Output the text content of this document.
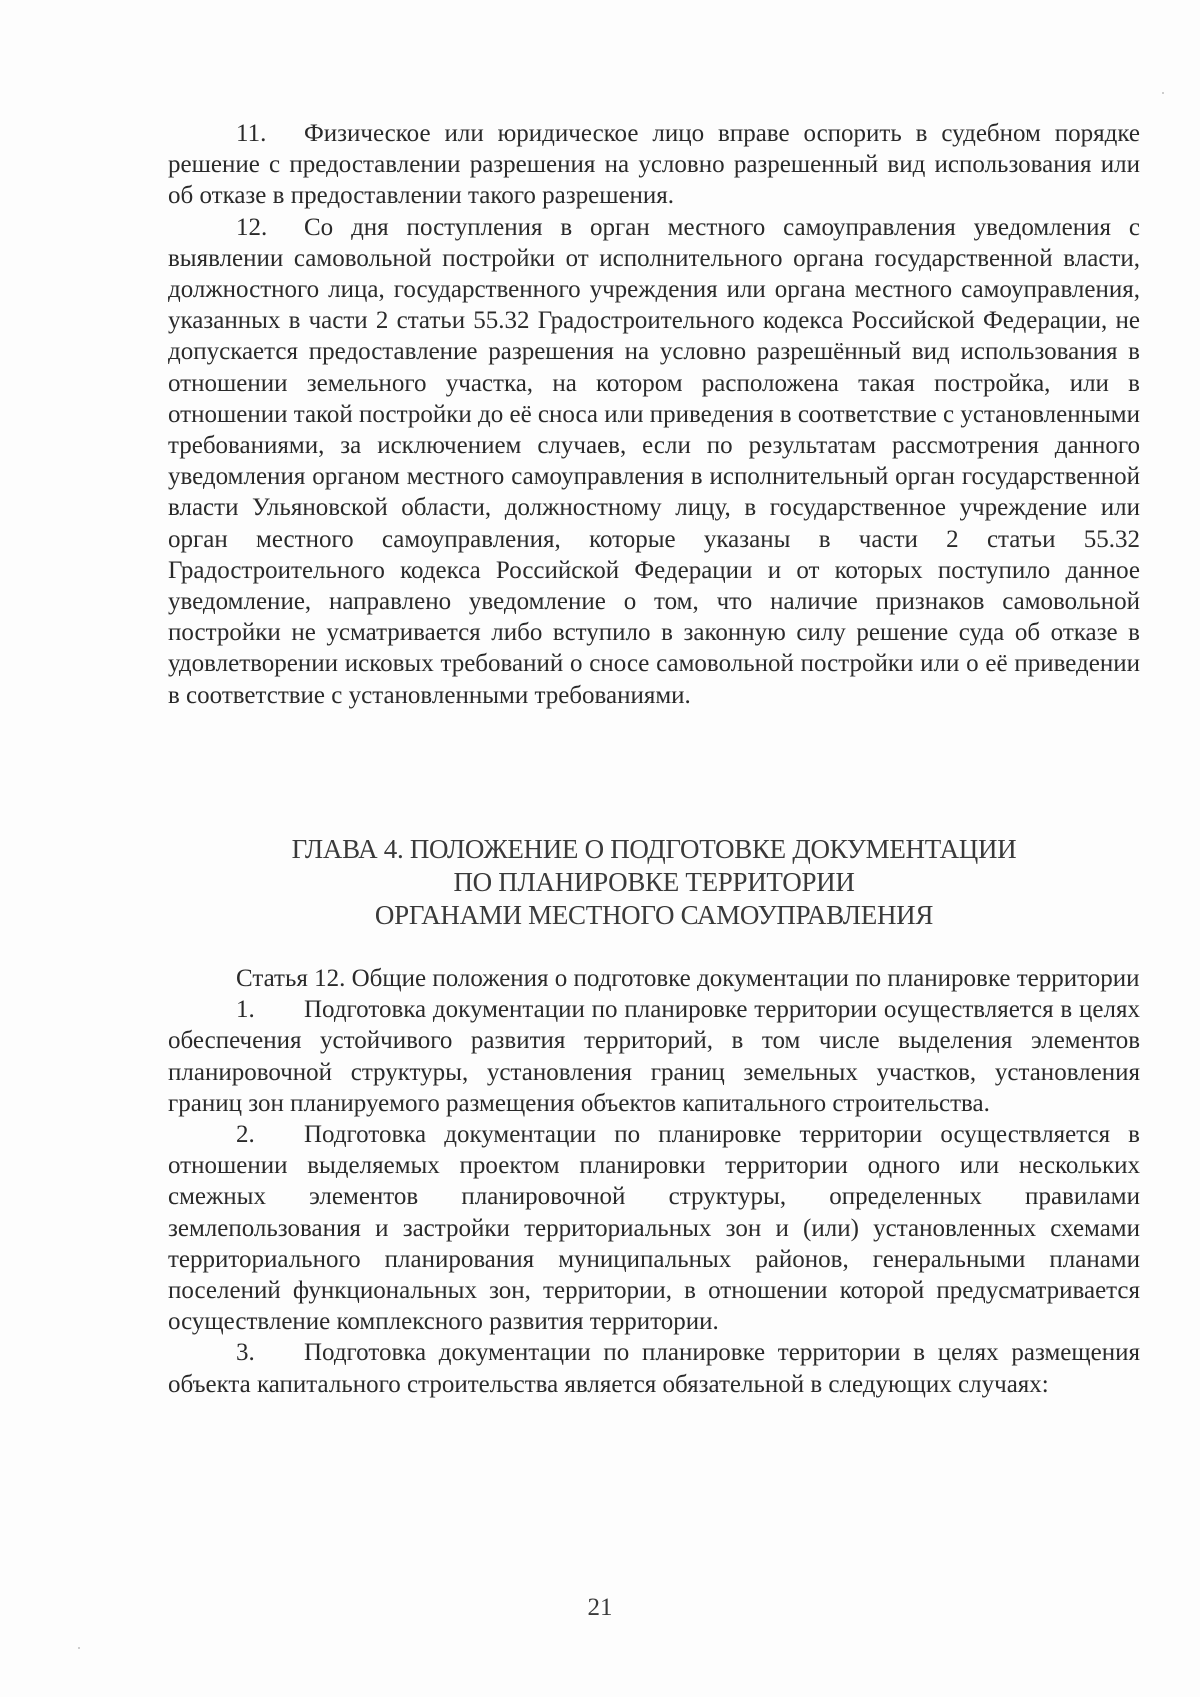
11. Физическое или юридическое лицо вправе оспорить в судебном порядке решение с предоставлении разрешения на условно разрешенный вид использования или об отказе в предоставлении такого разрешения.

12. Со дня поступления в орган местного самоуправления уведомления с выявлении самовольной постройки от исполнительного органа государственной власти, должностного лица, государственного учреждения или органа местного самоуправления, указанных в части 2 статьи 55.32 Градостроительного кодекса Российской Федерации, не допускается предоставление разрешения на условно разрешённый вид использования в отношении земельного участка, на котором расположена такая постройка, или в отношении такой постройки до её сноса или приведения в соответствие с установленными требованиями, за исключением случаев, если по результатам рассмотрения данного уведомления органом местного самоуправления в исполнительный орган государственной власти Ульяновской области, должностному лицу, в государственное учреждение или орган местного самоуправления, которые указаны в части 2 статьи 55.32 Градостроительного кодекса Российской Федерации и от которых поступило данное уведомление, направлено уведомление о том, что наличие признаков самовольной постройки не усматривается либо вступило в законную силу решение суда об отказе в удовлетворении исковых требований о сносе самовольной постройки или о её приведении в соответствие с установленными требованиями.

ГЛАВА 4. ПОЛОЖЕНИЕ О ПОДГОТОВКЕ ДОКУМЕНТАЦИИ
ПО ПЛАНИРОВКЕ ТЕРРИТОРИИ
ОРГАНАМИ МЕСТНОГО САМОУПРАВЛЕНИЯ

Статья 12. Общие положения о подготовке документации по планировке территории

1. Подготовка документации по планировке территории осуществляется в целях обеспечения устойчивого развития территорий, в том числе выделения элементов планировочной структуры, установления границ земельных участков, установления границ зон планируемого размещения объектов капитального строительства.

2. Подготовка документации по планировке территории осуществляется в отношении выделяемых проектом планировки территории одного или нескольких смежных элементов планировочной структуры, определенных правилами землепользования и застройки территориальных зон и (или) установленных схемами территориального планирования муниципальных районов, генеральными планами поселений функциональных зон, территории, в отношении которой предусматривается осуществление комплексного развития территории.

3. Подготовка документации по планировке территории в целях размещения объекта капитального строительства является обязательной в следующих случаях:

21
